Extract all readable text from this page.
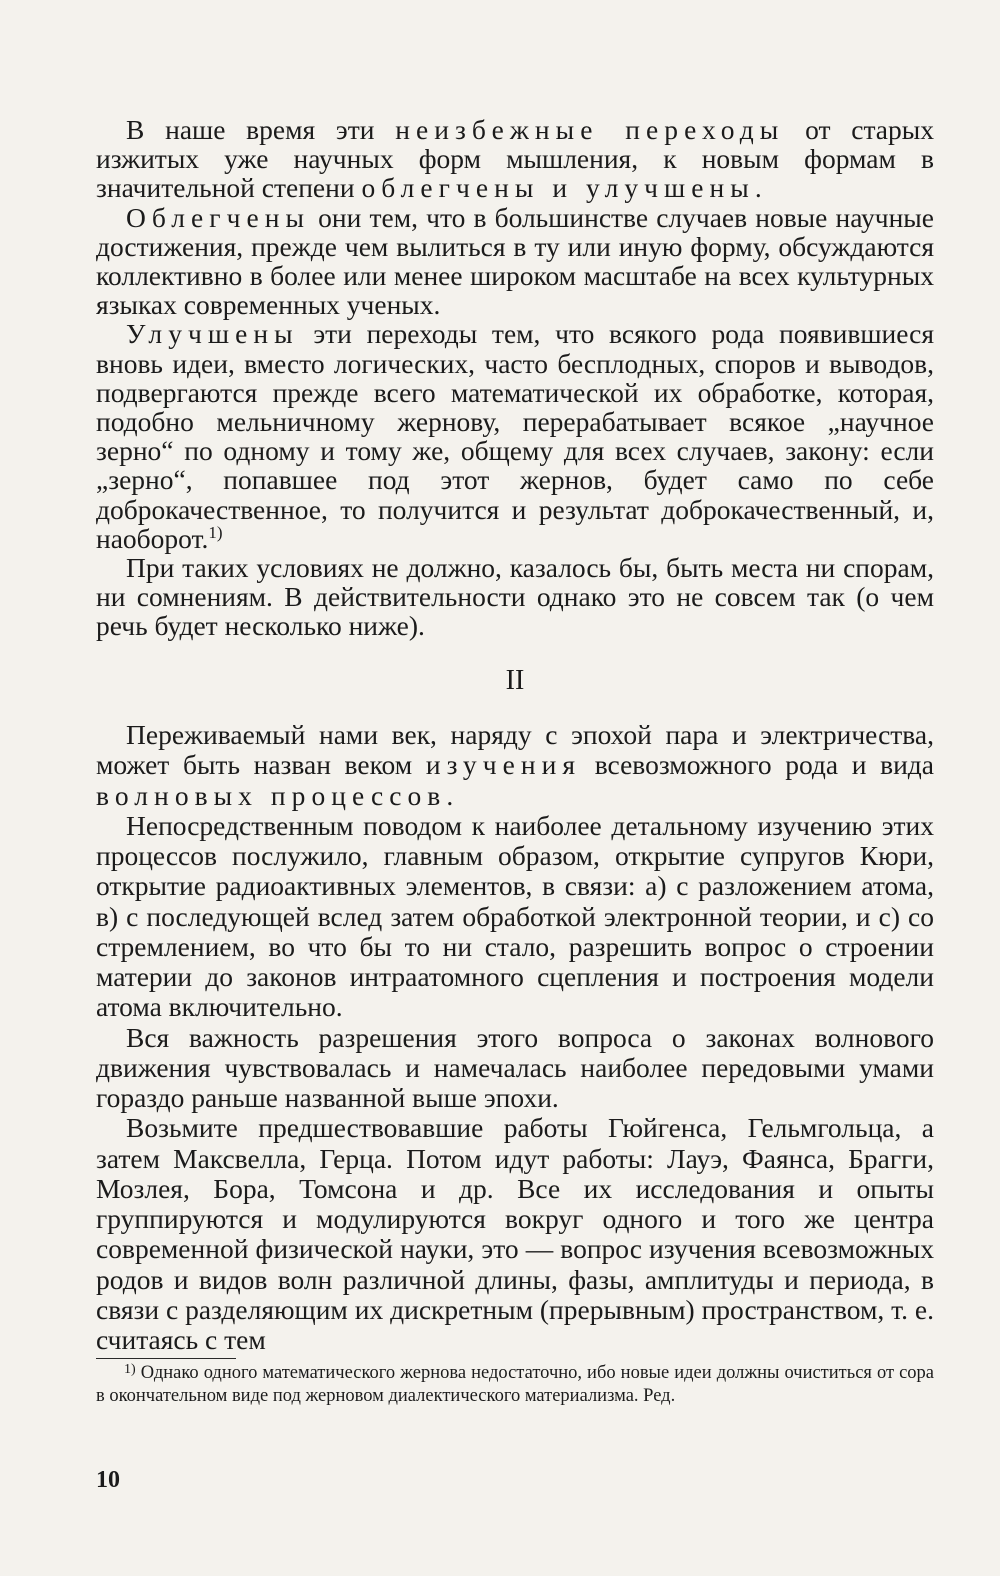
В наше время эти неизбежные переходы от старых изжитых уже научных форм мышления, к новым формам в значительной степени облегчены и улучшены.

Облегчены они тем, что в большинстве случаев новые научные достижения, прежде чем вылиться в ту или иную форму, обсуждаются коллективно в более или менее широком масштабе на всех культурных языках современных ученых.

Улучшены эти переходы тем, что всякого рода появившиеся вновь идеи, вместо логических, часто бесплодных, споров и выводов, подвергаются прежде всего математической их обработке, которая, подобно мельничному жернову, перерабатывает всякое „научное зерно“ по одному и тому же, общему для всех случаев, закону: если „зерно“, попавшее под этот жернов, будет само по себе доброкачественное, то получится и результат доброкачественный, и, наоборот.$^{1)}$

При таких условиях не должно, казалось бы, быть места ни спорам, ни сомнениям. В действительности однако это не совсем так (о чем речь будет несколько ниже).

II

Переживаемый нами век, наряду с эпохой пара и электричества, может быть назван веком изучения всевозможного рода и вида волновых процессов.

Непосредственным поводом к наиболее детальному изучению этих процессов послужило, главным образом, открытие супругов Кюри, открытие радиоактивных элементов, в связи: а) с разложением атома, в) с последующей вслед затем обработкой электронной теории, и с) со стремлением, во что бы то ни стало, разрешить вопрос о строении материи до законов интраатомного сцепления и построения модели атома включительно.

Вся важность разрешения этого вопроса о законах волнового движения чувствовалась и намечалась наиболее передовыми умами гораздо раньше названной выше эпохи.

Возьмите предшествовавшие работы Гюйгенса, Гельмгольца, а затем Максвелла, Герца. Потом идут работы: Лауэ, Фаянса, Брагги, Мозлея, Бора, Томсона и др. Все их исследования и опыты группируются и модулируются вокруг одного и того же центра современной физической науки, это — вопрос изучения всевозможных родов и видов волн различной длины, фазы, амплитуды и периода, в связи с разделяющим их дискретным (прерывным) пространством, т. е. считаясь с тем

$^{1)}$ Однако одного математического жернова недостаточно, ибо новые идеи должны очиститься от сора в окончательном виде под жерновом диалектического материализма. Ред.

10
